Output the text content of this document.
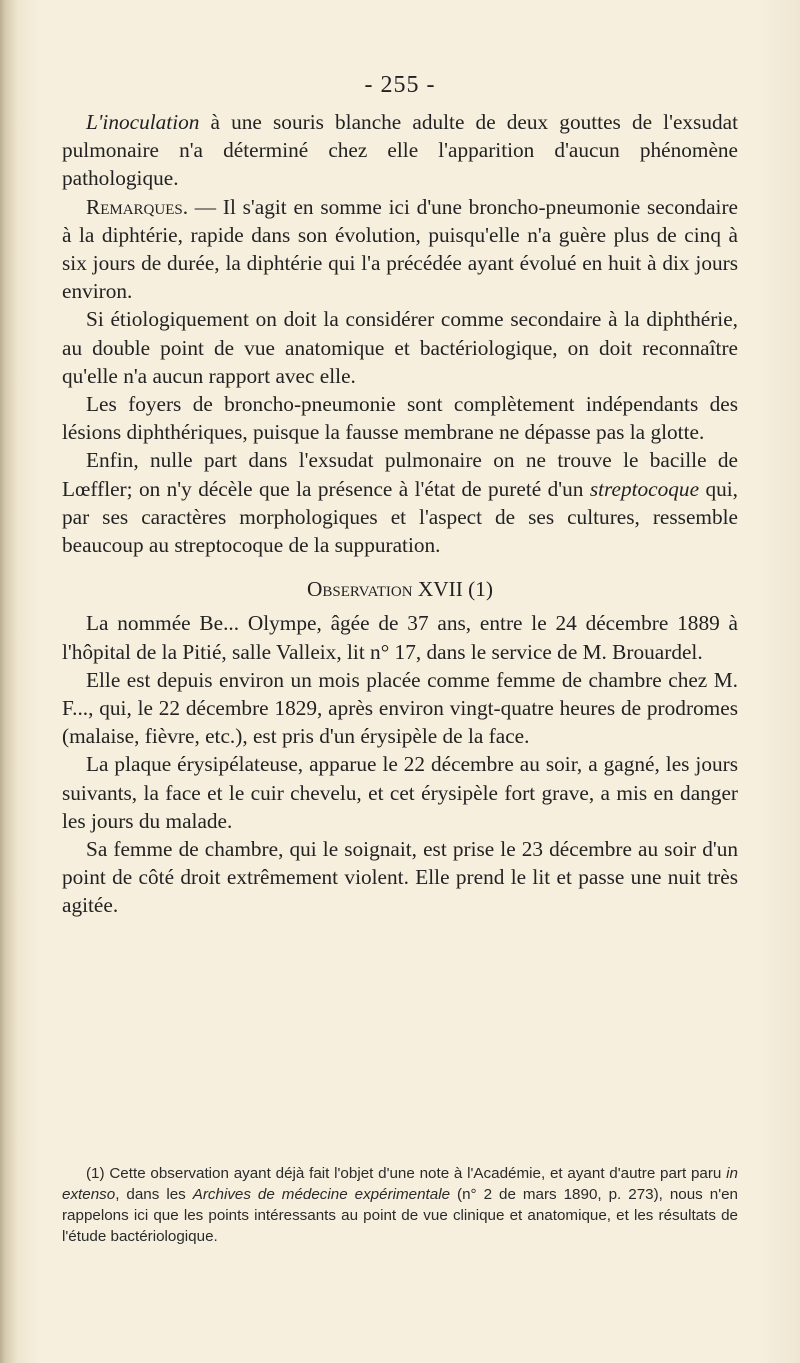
- 255 -

L'inoculation à une souris blanche adulte de deux gouttes de l'exsudat pulmonaire n'a déterminé chez elle l'apparition d'aucun phénomène pathologique.

Remarques. — Il s'agit en somme ici d'une broncho-pneumonie secondaire à la diphtérie, rapide dans son évolution, puisqu'elle n'a guère plus de cinq à six jours de durée, la diphtérie qui l'a précédée ayant évolué en huit à dix jours environ.

Si étiologiquement on doit la considérer comme secondaire à la diphthérie, au double point de vue anatomique et bactériologique, on doit reconnaître qu'elle n'a aucun rapport avec elle.

Les foyers de broncho-pneumonie sont complètement indépendants des lésions diphthériques, puisque la fausse membrane ne dépasse pas la glotte.

Enfin, nulle part dans l'exsudat pulmonaire on ne trouve le bacille de Lœffler; on n'y décèle que la présence à l'état de pureté d'un streptocoque qui, par ses caractères morphologiques et l'aspect de ses cultures, ressemble beaucoup au streptocoque de la suppuration.

Observation XVII (1)

La nommée Be... Olympe, âgée de 37 ans, entre le 24 décembre 1889 à l'hôpital de la Pitié, salle Valleix, lit n° 17, dans le service de M. Brouardel.

Elle est depuis environ un mois placée comme femme de chambre chez M. F..., qui, le 22 décembre 1829, après environ vingt-quatre heures de prodromes (malaise, fièvre, etc.), est pris d'un érysipèle de la face.

La plaque érysipélateuse, apparue le 22 décembre au soir, a gagné, les jours suivants, la face et le cuir chevelu, et cet érysipèle fort grave, a mis en danger les jours du malade.

Sa femme de chambre, qui le soignait, est prise le 23 décembre au soir d'un point de côté droit extrêmement violent. Elle prend le lit et passe une nuit très agitée.

(1) Cette observation ayant déjà fait l'objet d'une note à l'Académie, et ayant d'autre part paru in extenso, dans les Archives de médecine expérimentale (n° 2 de mars 1890, p. 273), nous n'en rappelons ici que les points intéressants au point de vue clinique et anatomique, et les résultats de l'étude bactériologique.
